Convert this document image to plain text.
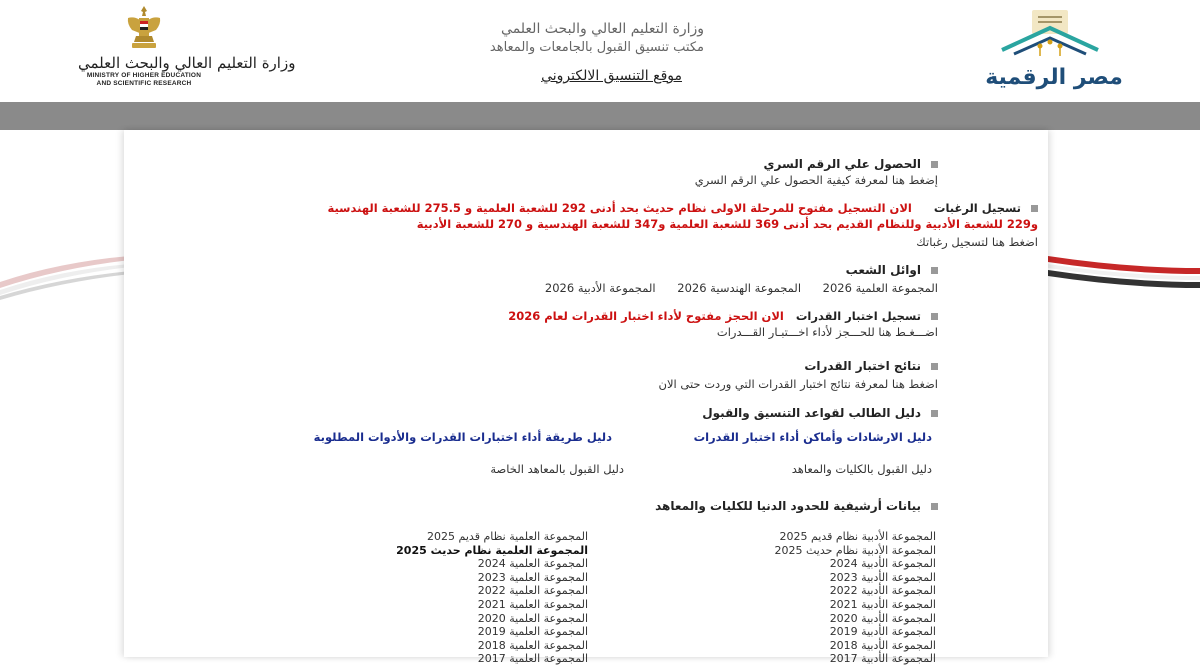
وزارة التعليم العالي والبحث العلمي
MINISTRY OF HIGHER EDUCATION
AND SCIENTIFIC RESEARCH
وزارة التعليم العالي والبحث العلمي
مكتب تنسيق القبول بالجامعات والمعاهد
موقع التنسيق الالكتروني	مصر الرقمية
الحصول علي الرقم السري
إضغط هنا لمعرفة كيفية الحصول علي الرقم السري
تسجيل الرغبات الان التسجيل مفتوح للمرحلة الاولى نظام حديث بحد أدنى 292 للشعبة العلمية و 275.5 للشعبة الهندسية
و229 للشعبة الأدبية وللنظام القديم بحد أدنى 369 للشعبة العلمية و347 للشعبة الهندسية و 270 للشعبة الأدبية
اضغط هنا لتسجيل رغباتك
اوائل الشعب
المجموعة العلمية 2026 المجموعة الهندسية 2026 المجموعة الأدبية 2026
تسجيل اختبار القدرات الان الحجز مفتوح لأداء اختبار القدرات لعام 2026
اضـــغـط هنا للحـــجز لأداء اخـــتبـار القـــدرات
نتائج اختبار القدرات
اضغط هنا لمعرفة نتائج اختبار القدرات التي وردت حتى الان
دليل الطالب لقواعد التنسيق والقبول
دليل الارشادات وأماكن أداء اختبار القدرات
دليل طريقة أداء اختبارات القدرات والأدوات المطلوبة
دليل القبول بالكليات والمعاهد
دليل القبول بالمعاهد الخاصة
بيانات أرشيفية للحدود الدنيا للكليات والمعاهد
المجموعة الأدبية نظام قديم 2025
المجموعة الأدبية نظام حديث 2025
المجموعة الأدبية 2024
المجموعة الأدبية 2023
المجموعة الأدبية 2022
المجموعة الأدبية 2021
المجموعة الأدبية 2020
المجموعة الأدبية 2019
المجموعة الأدبية 2018
المجموعة الأدبية 2017
المجموعة العلمية نظام قديم 2025
المجموعة العلمية نظام حديث 2025
المجموعة العلمية 2024
المجموعة العلمية 2023
المجموعة العلمية 2022
المجموعة العلمية 2021
المجموعة العلمية 2020
المجموعة العلمية 2019
المجموعة العلمية 2018
المجموعة العلمية 2017
